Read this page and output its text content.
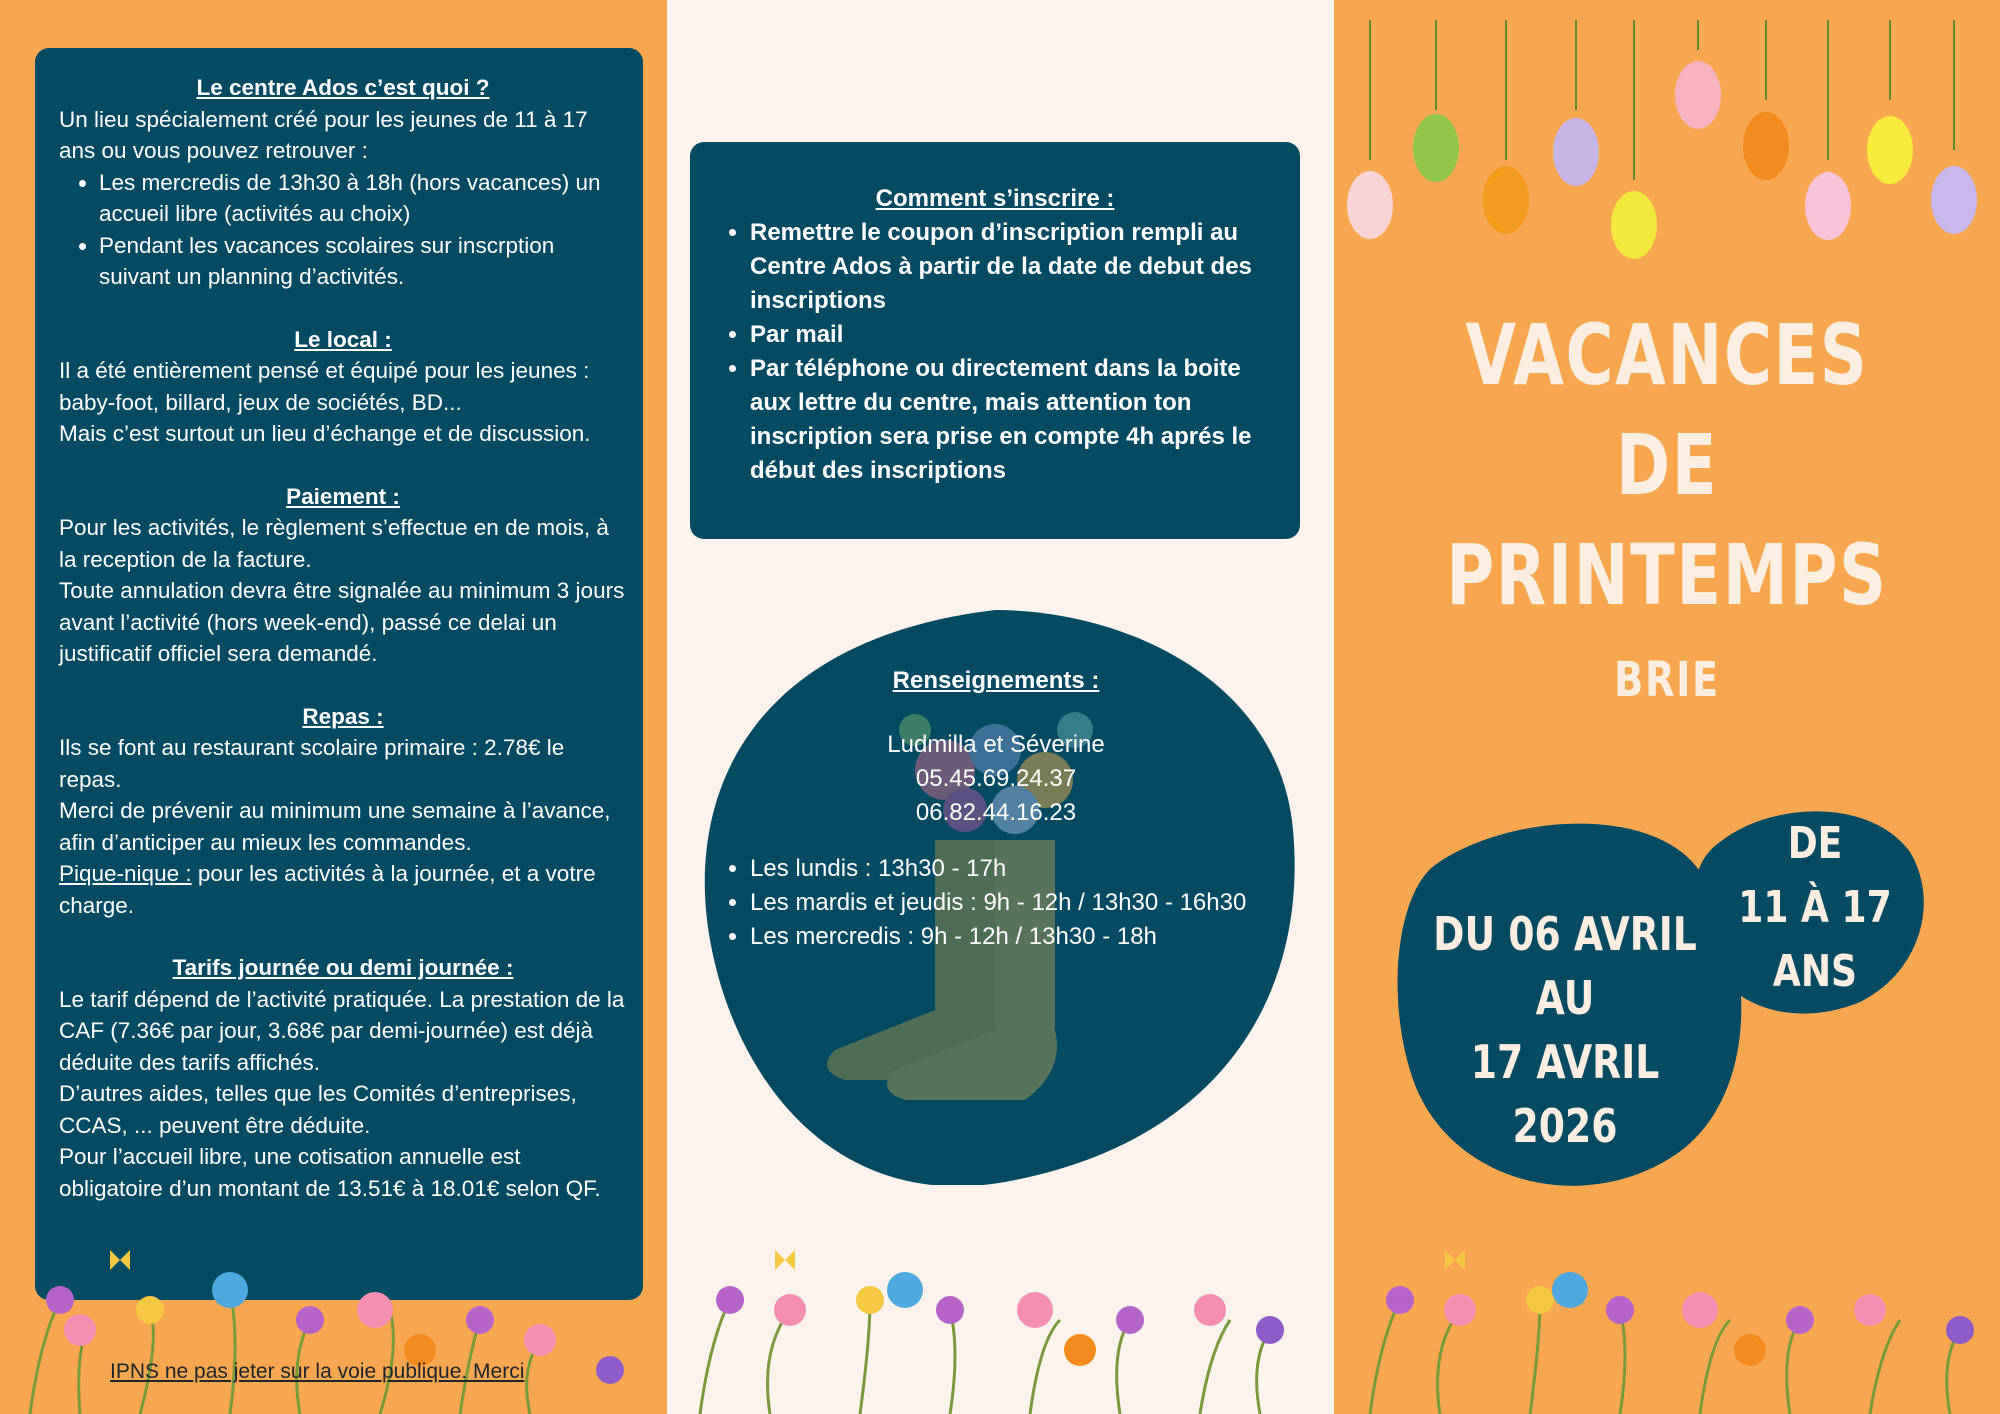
Le centre Ados c’est quoi ?

Un lieu spécialement créé pour les jeunes de 11 à 17 ans ou vous pouvez retrouver :
• Les mercredis de 13h30 à 18h (hors vacances) un accueil libre (activités au choix)
• Pendant les vacances scolaires sur inscrption suivant un planning d’activités.

Le local :

Il a été entièrement pensé et équipé pour les jeunes : baby-foot, billard, jeux de sociétés, BD...
Mais c’est surtout un lieu d’échange et de discussion.

Paiement :

Pour les activités, le règlement s’effectue en de mois, à la reception de la facture.
Toute annulation devra être signalée au minimum 3 jours avant l’activité (hors week-end), passé ce delai un justificatif officiel sera demandé.

Repas :

Ils se font au restaurant scolaire primaire : 2.78€ le repas.
Merci de prévenir au minimum une semaine à l’avance, afin d’anticiper au mieux les commandes.
Pique-nique : pour les activités à la journée, et a votre charge.

Tarifs journée ou demi journée :

Le tarif dépend de l’activité pratiquée. La prestation de la CAF (7.36€ par jour, 3.68€ par demi-journée) est déjà déduite des tarifs affichés.
D’autres aides, telles que les Comités d’entreprises, CCAS, ... peuvent être déduite.
Pour l’accueil libre, une cotisation annuelle est obligatoire d’un montant de 13.51€ à 18.01€ selon QF.

Comment s’inscrire :

• Remettre le coupon d’inscription rempli au Centre Ados à partir de la date de debut des inscriptions
• Par mail
• Par téléphone ou directement dans la boite aux lettre du centre, mais attention ton inscription sera prise en compte 4h aprés le début des inscriptions

Renseignements :

Ludmilla et Séverine
05.45.69.24.37
06.82.44.16.23
• Les lundis : 13h30 - 17h
• Les mardis et jeudis : 9h - 12h / 13h30 - 16h30
• Les mercredis : 9h - 12h / 13h30 - 18h
VACANCES
DE
PRINTEMPS
BRIE
DU 06 AVRIL
AU
17 AVRIL 2026
DE
11 À 17
ANS
IPNS ne pas jeter sur la voie publique. Merci
